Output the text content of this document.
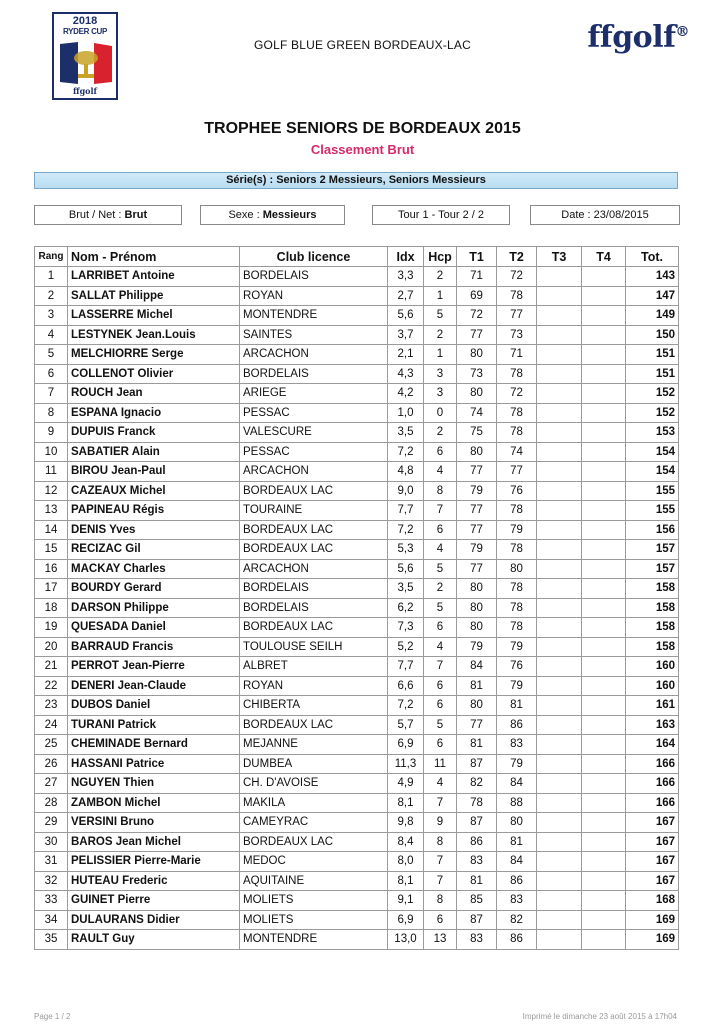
2018
RYDER CUP
ffgolf
GOLF BLUE GREEN BORDEAUX-LAC	ffgolf®
TROPHEE SENIORS DE BORDEAUX 2015
Classement Brut
Série(s) : Seniors 2 Messieurs, Seniors Messieurs
Brut / Net : Brut	Sexe : Messieurs	Tour 1 - Tour 2 / 2	Date : 23/08/2015
Rang	Nom - Prénom	Club licence	Idx	Hcp	T1	T2	T3	T4	Tot.
1	LARRIBET Antoine	BORDELAIS	3,3	2	71	72			143
2	SALLAT Philippe	ROYAN	2,7	1	69	78			147
3	LASSERRE Michel	MONTENDRE	5,6	5	72	77			149
4	LESTYNEK Jean.Louis	SAINTES	3,7	2	77	73			150
5	MELCHIORRE Serge	ARCACHON	2,1	1	80	71			151
6	COLLENOT Olivier	BORDELAIS	4,3	3	73	78			151
7	ROUCH Jean	ARIEGE	4,2	3	80	72			152
8	ESPANA Ignacio	PESSAC	1,0	0	74	78			152
9	DUPUIS Franck	VALESCURE	3,5	2	75	78			153
10	SABATIER Alain	PESSAC	7,2	6	80	74			154
11	BIROU Jean-Paul	ARCACHON	4,8	4	77	77			154
12	CAZEAUX Michel	BORDEAUX LAC	9,0	8	79	76			155
13	PAPINEAU Régis	TOURAINE	7,7	7	77	78			155
14	DENIS Yves	BORDEAUX LAC	7,2	6	77	79			156
15	RECIZAC Gil	BORDEAUX LAC	5,3	4	79	78			157
16	MACKAY Charles	ARCACHON	5,6	5	77	80			157
17	BOURDY Gerard	BORDELAIS	3,5	2	80	78			158
18	DARSON Philippe	BORDELAIS	6,2	5	80	78			158
19	QUESADA Daniel	BORDEAUX LAC	7,3	6	80	78			158
20	BARRAUD Francis	TOULOUSE SEILH	5,2	4	79	79			158
21	PERROT Jean-Pierre	ALBRET	7,7	7	84	76			160
22	DENERI Jean-Claude	ROYAN	6,6	6	81	79			160
23	DUBOS Daniel	CHIBERTA	7,2	6	80	81			161
24	TURANI Patrick	BORDEAUX LAC	5,7	5	77	86			163
25	CHEMINADE Bernard	MEJANNE	6,9	6	81	83			164
26	HASSANI Patrice	DUMBEA	11,3	11	87	79			166
27	NGUYEN Thien	CH. D'AVOISE	4,9	4	82	84			166
28	ZAMBON Michel	MAKILA	8,1	7	78	88			166
29	VERSINI Bruno	CAMEYRAC	9,8	9	87	80			167
30	BAROS Jean Michel	BORDEAUX LAC	8,4	8	86	81			167
31	PELISSIER Pierre-Marie	MEDOC	8,0	7	83	84			167
32	HUTEAU Frederic	AQUITAINE	8,1	7	81	86			167
33	GUINET Pierre	MOLIETS	9,1	8	85	83			168
34	DULAURANS Didier	MOLIETS	6,9	6	87	82			169
35	RAULT Guy	MONTENDRE	13,0	13	83	86			169
Page 1 / 2	Imprimé le dimanche 23 août 2015 à 17h04
